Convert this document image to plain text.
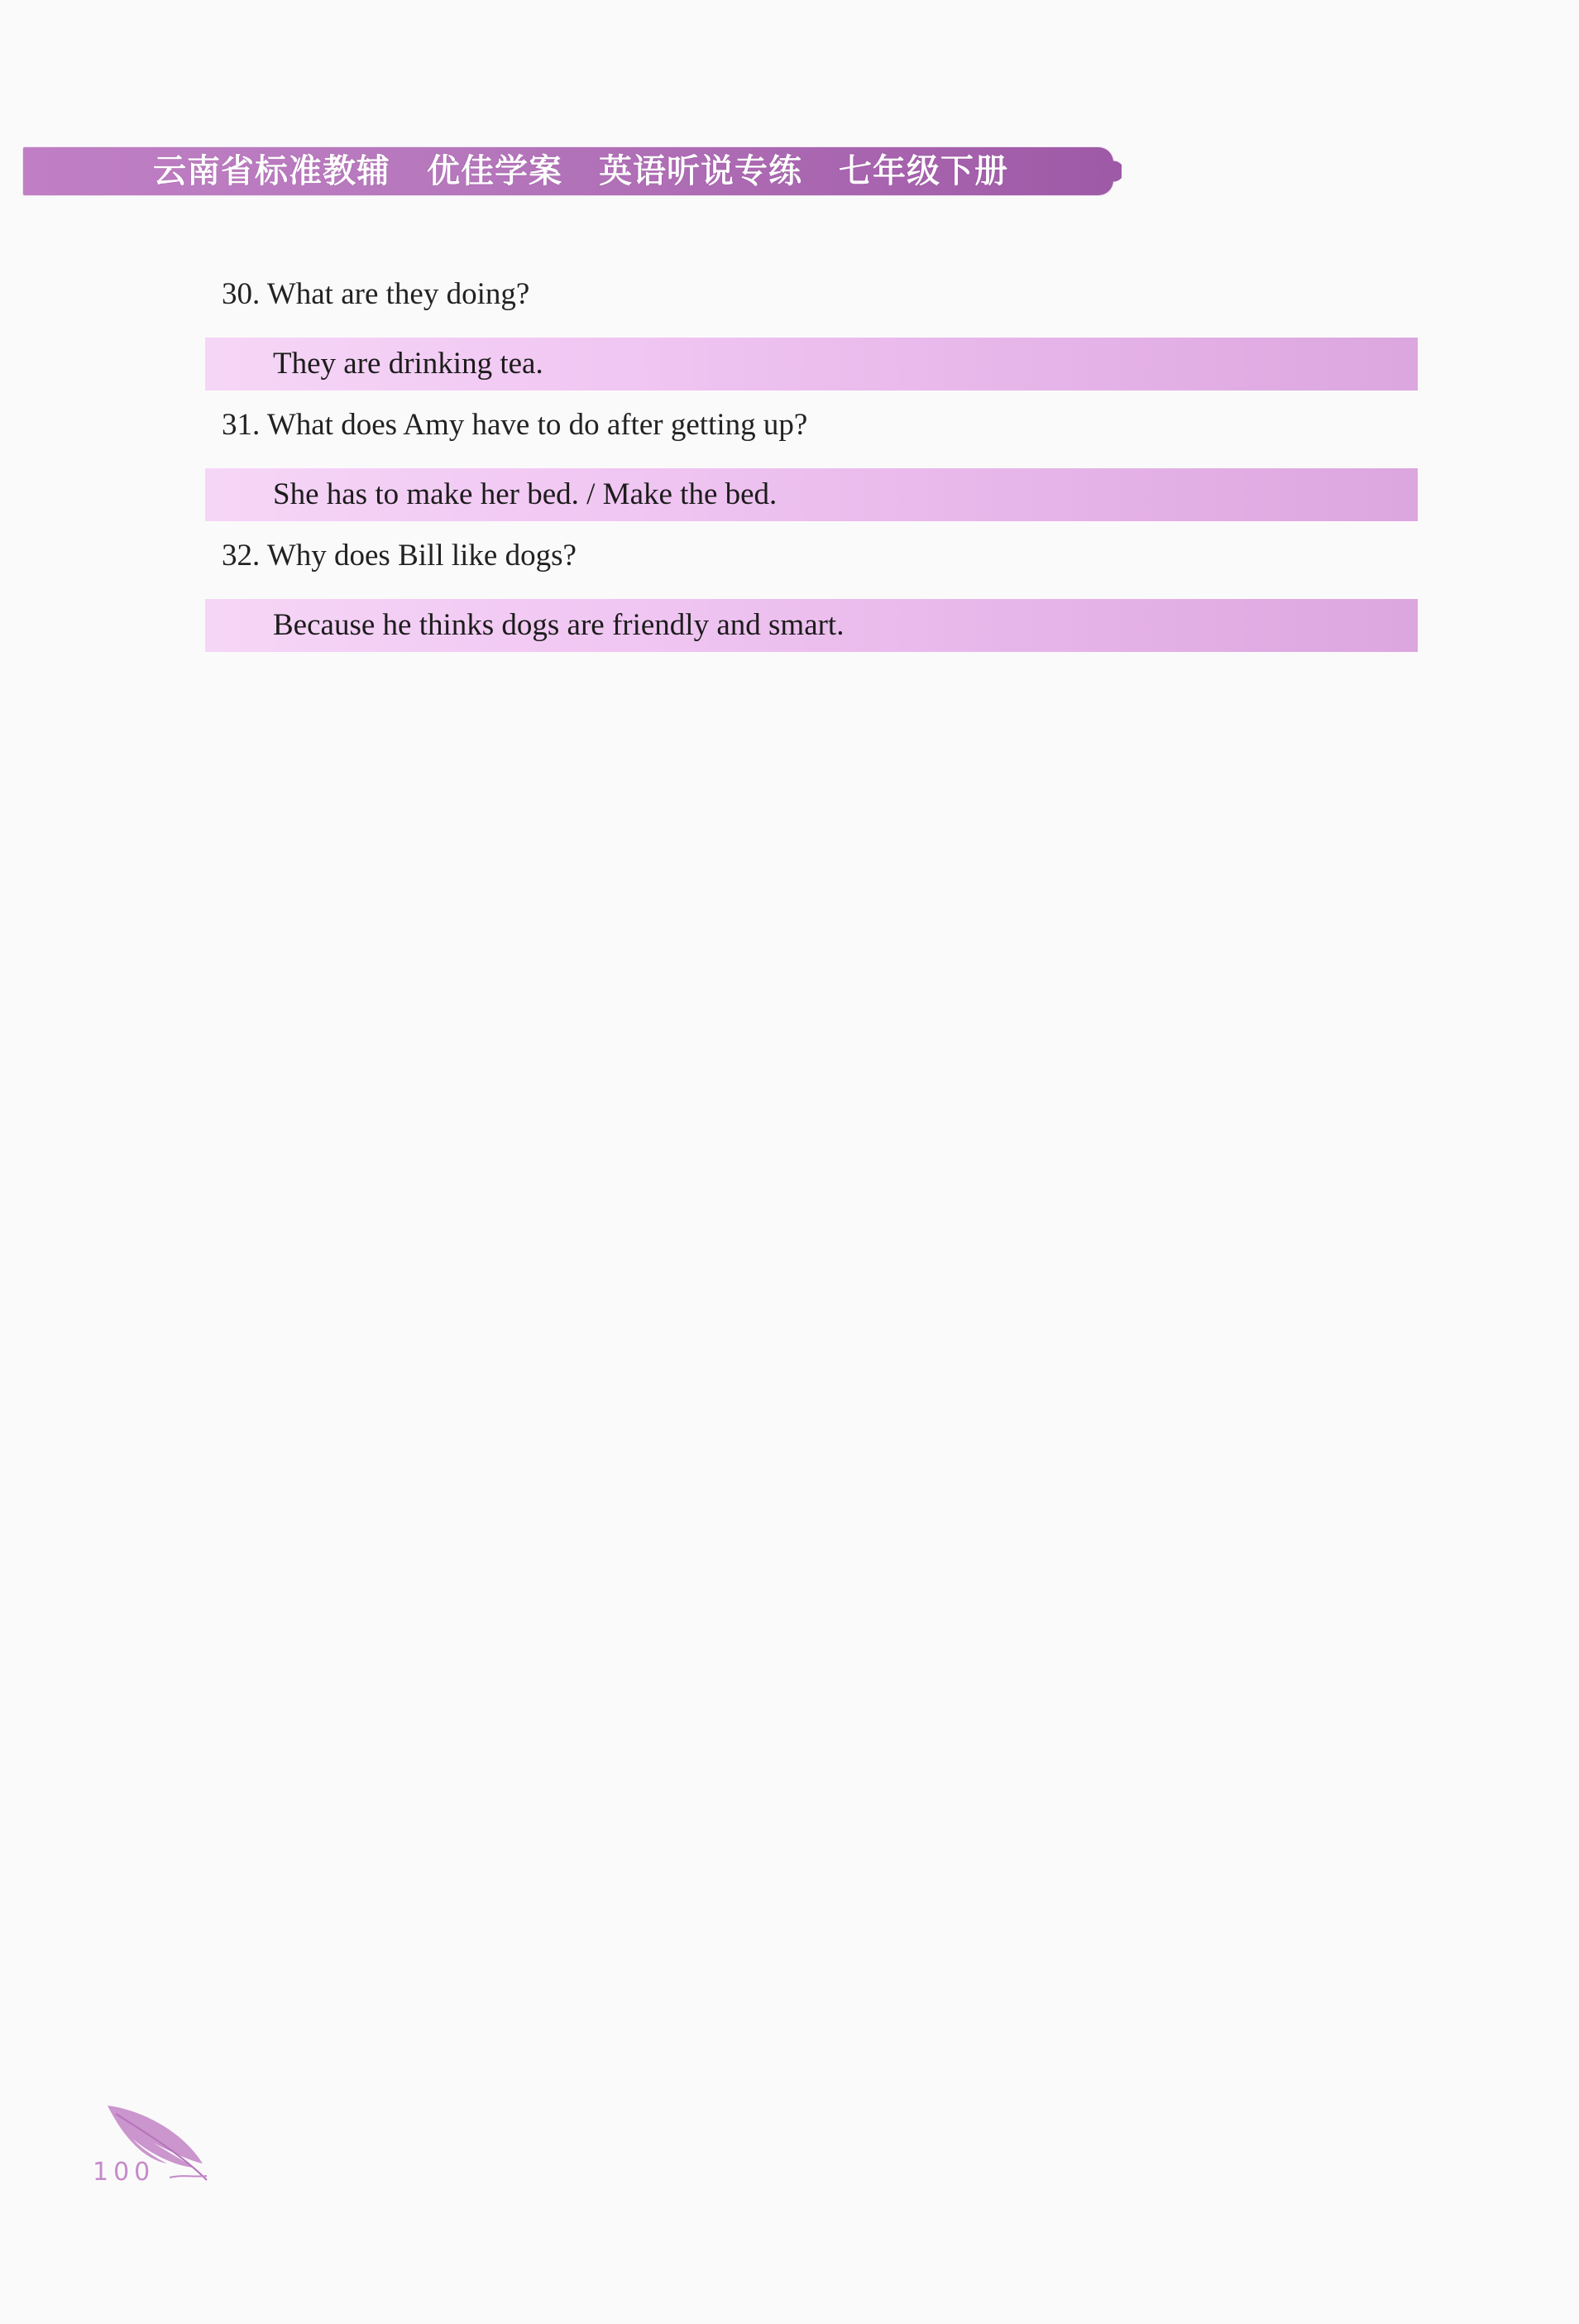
云南省标准教辅 优佳学案 英语听说专练 七年级下册
30. What are they doing?
They are drinking tea.
31. What does Amy have to do after getting up?
She has to make her bed. / Make the bed.
32. Why does Bill like dogs?
Because he thinks dogs are friendly and smart.
100
